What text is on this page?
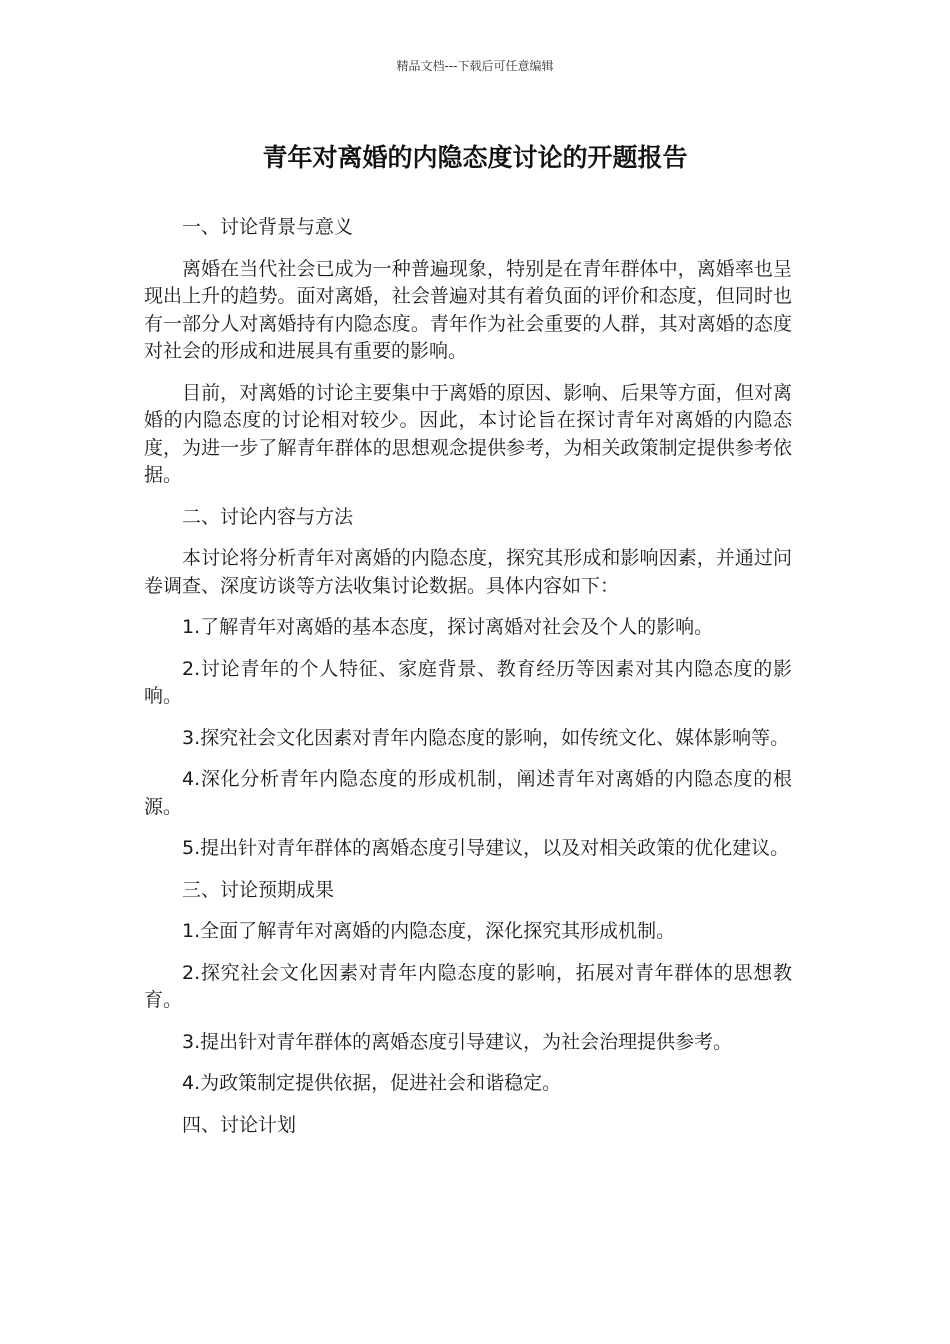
精品文档---下载后可任意编辑
青年对离婚的内隐态度讨论的开题报告
一、讨论背景与意义
离婚在当代社会已成为一种普遍现象，特别是在青年群体中，离婚率也呈现出上升的趋势。面对离婚，社会普遍对其有着负面的评价和态度，但同时也有一部分人对离婚持有内隐态度。青年作为社会重要的人群，其对离婚的态度对社会的形成和进展具有重要的影响。
目前，对离婚的讨论主要集中于离婚的原因、影响、后果等方面，但对离婚的内隐态度的讨论相对较少。因此，本讨论旨在探讨青年对离婚的内隐态度，为进一步了解青年群体的思想观念提供参考，为相关政策制定提供参考依据。
二、讨论内容与方法
本讨论将分析青年对离婚的内隐态度，探究其形成和影响因素，并通过问卷调查、深度访谈等方法收集讨论数据。具体内容如下：
1.了解青年对离婚的基本态度，探讨离婚对社会及个人的影响。
2.讨论青年的个人特征、家庭背景、教育经历等因素对其内隐态度的影响。
3.探究社会文化因素对青年内隐态度的影响，如传统文化、媒体影响等。
4.深化分析青年内隐态度的形成机制，阐述青年对离婚的内隐态度的根源。
5.提出针对青年群体的离婚态度引导建议，以及对相关政策的优化建议。
三、讨论预期成果
1.全面了解青年对离婚的内隐态度，深化探究其形成机制。
2.探究社会文化因素对青年内隐态度的影响，拓展对青年群体的思想教育。
3.提出针对青年群体的离婚态度引导建议，为社会治理提供参考。
4.为政策制定提供依据，促进社会和谐稳定。
四、讨论计划
